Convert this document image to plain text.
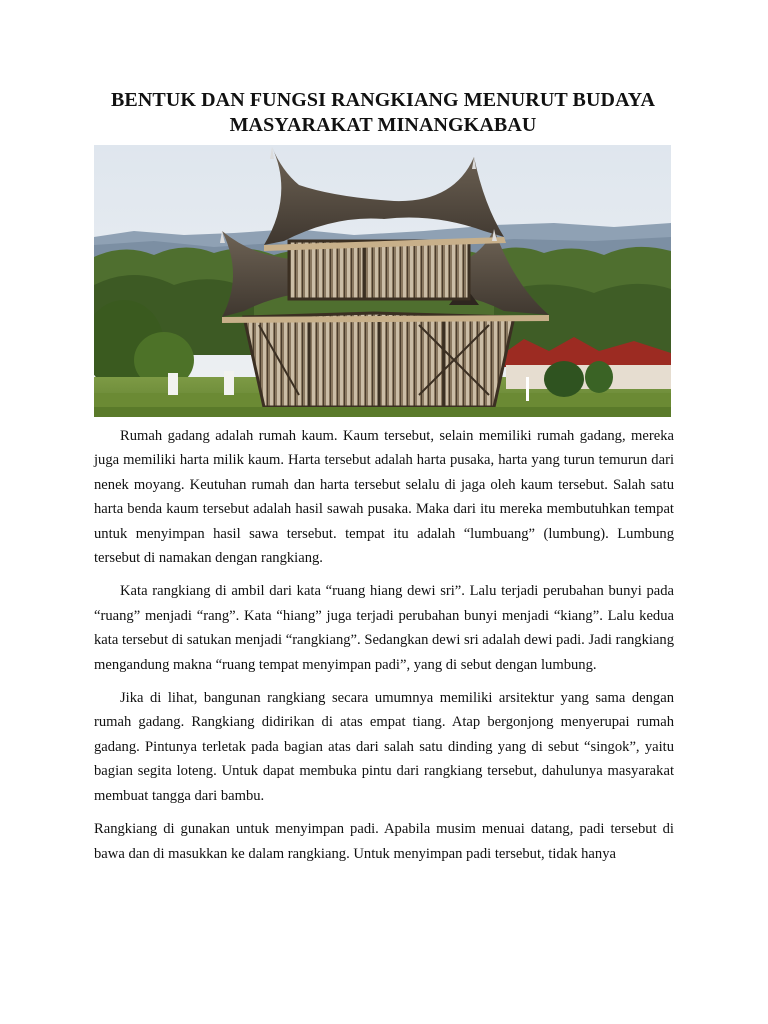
BENTUK DAN FUNGSI RANGKIANG MENURUT BUDAYA
MASYARAKAT MINANGKABAU

Rumah gadang adalah rumah kaum. Kaum tersebut, selain memiliki rumah gadang, mereka juga memiliki harta milik kaum. Harta tersebut adalah harta pusaka, harta yang turun temurun dari nenek moyang. Keutuhan rumah dan harta tersebut selalu di jaga oleh kaum tersebut. Salah satu harta benda kaum tersebut adalah hasil sawah pusaka. Maka dari itu mereka membutuhkan tempat untuk menyimpan hasil sawa tersebut. tempat itu adalah “lumbuang” (lumbung). Lumbung tersebut di namakan dengan rangkiang.

Kata rangkiang di ambil dari kata “ruang hiang dewi sri”. Lalu terjadi perubahan bunyi pada “ruang” menjadi “rang”. Kata “hiang” juga terjadi perubahan bunyi menjadi “kiang”. Lalu kedua kata tersebut di satukan menjadi “rangkiang”. Sedangkan dewi sri adalah dewi padi. Jadi rangkiang mengandung makna “ruang tempat menyimpan padi”, yang di sebut dengan lumbung.

Jika di lihat, bangunan rangkiang secara umumnya memiliki arsitektur yang sama dengan rumah gadang. Rangkiang didirikan di atas empat tiang. Atap bergonjong menyerupai rumah gadang. Pintunya terletak pada bagian atas dari salah satu dinding yang di sebut “singok”, yaitu bagian segita loteng. Untuk dapat membuka pintu dari rangkiang tersebut, dahulunya masyarakat membuat tangga dari bambu.

Rangkiang di gunakan untuk menyimpan padi. Apabila musim menuai datang, padi tersebut di bawa dan di masukkan ke dalam rangkiang. Untuk menyimpan padi tersebut, tidak hanya
